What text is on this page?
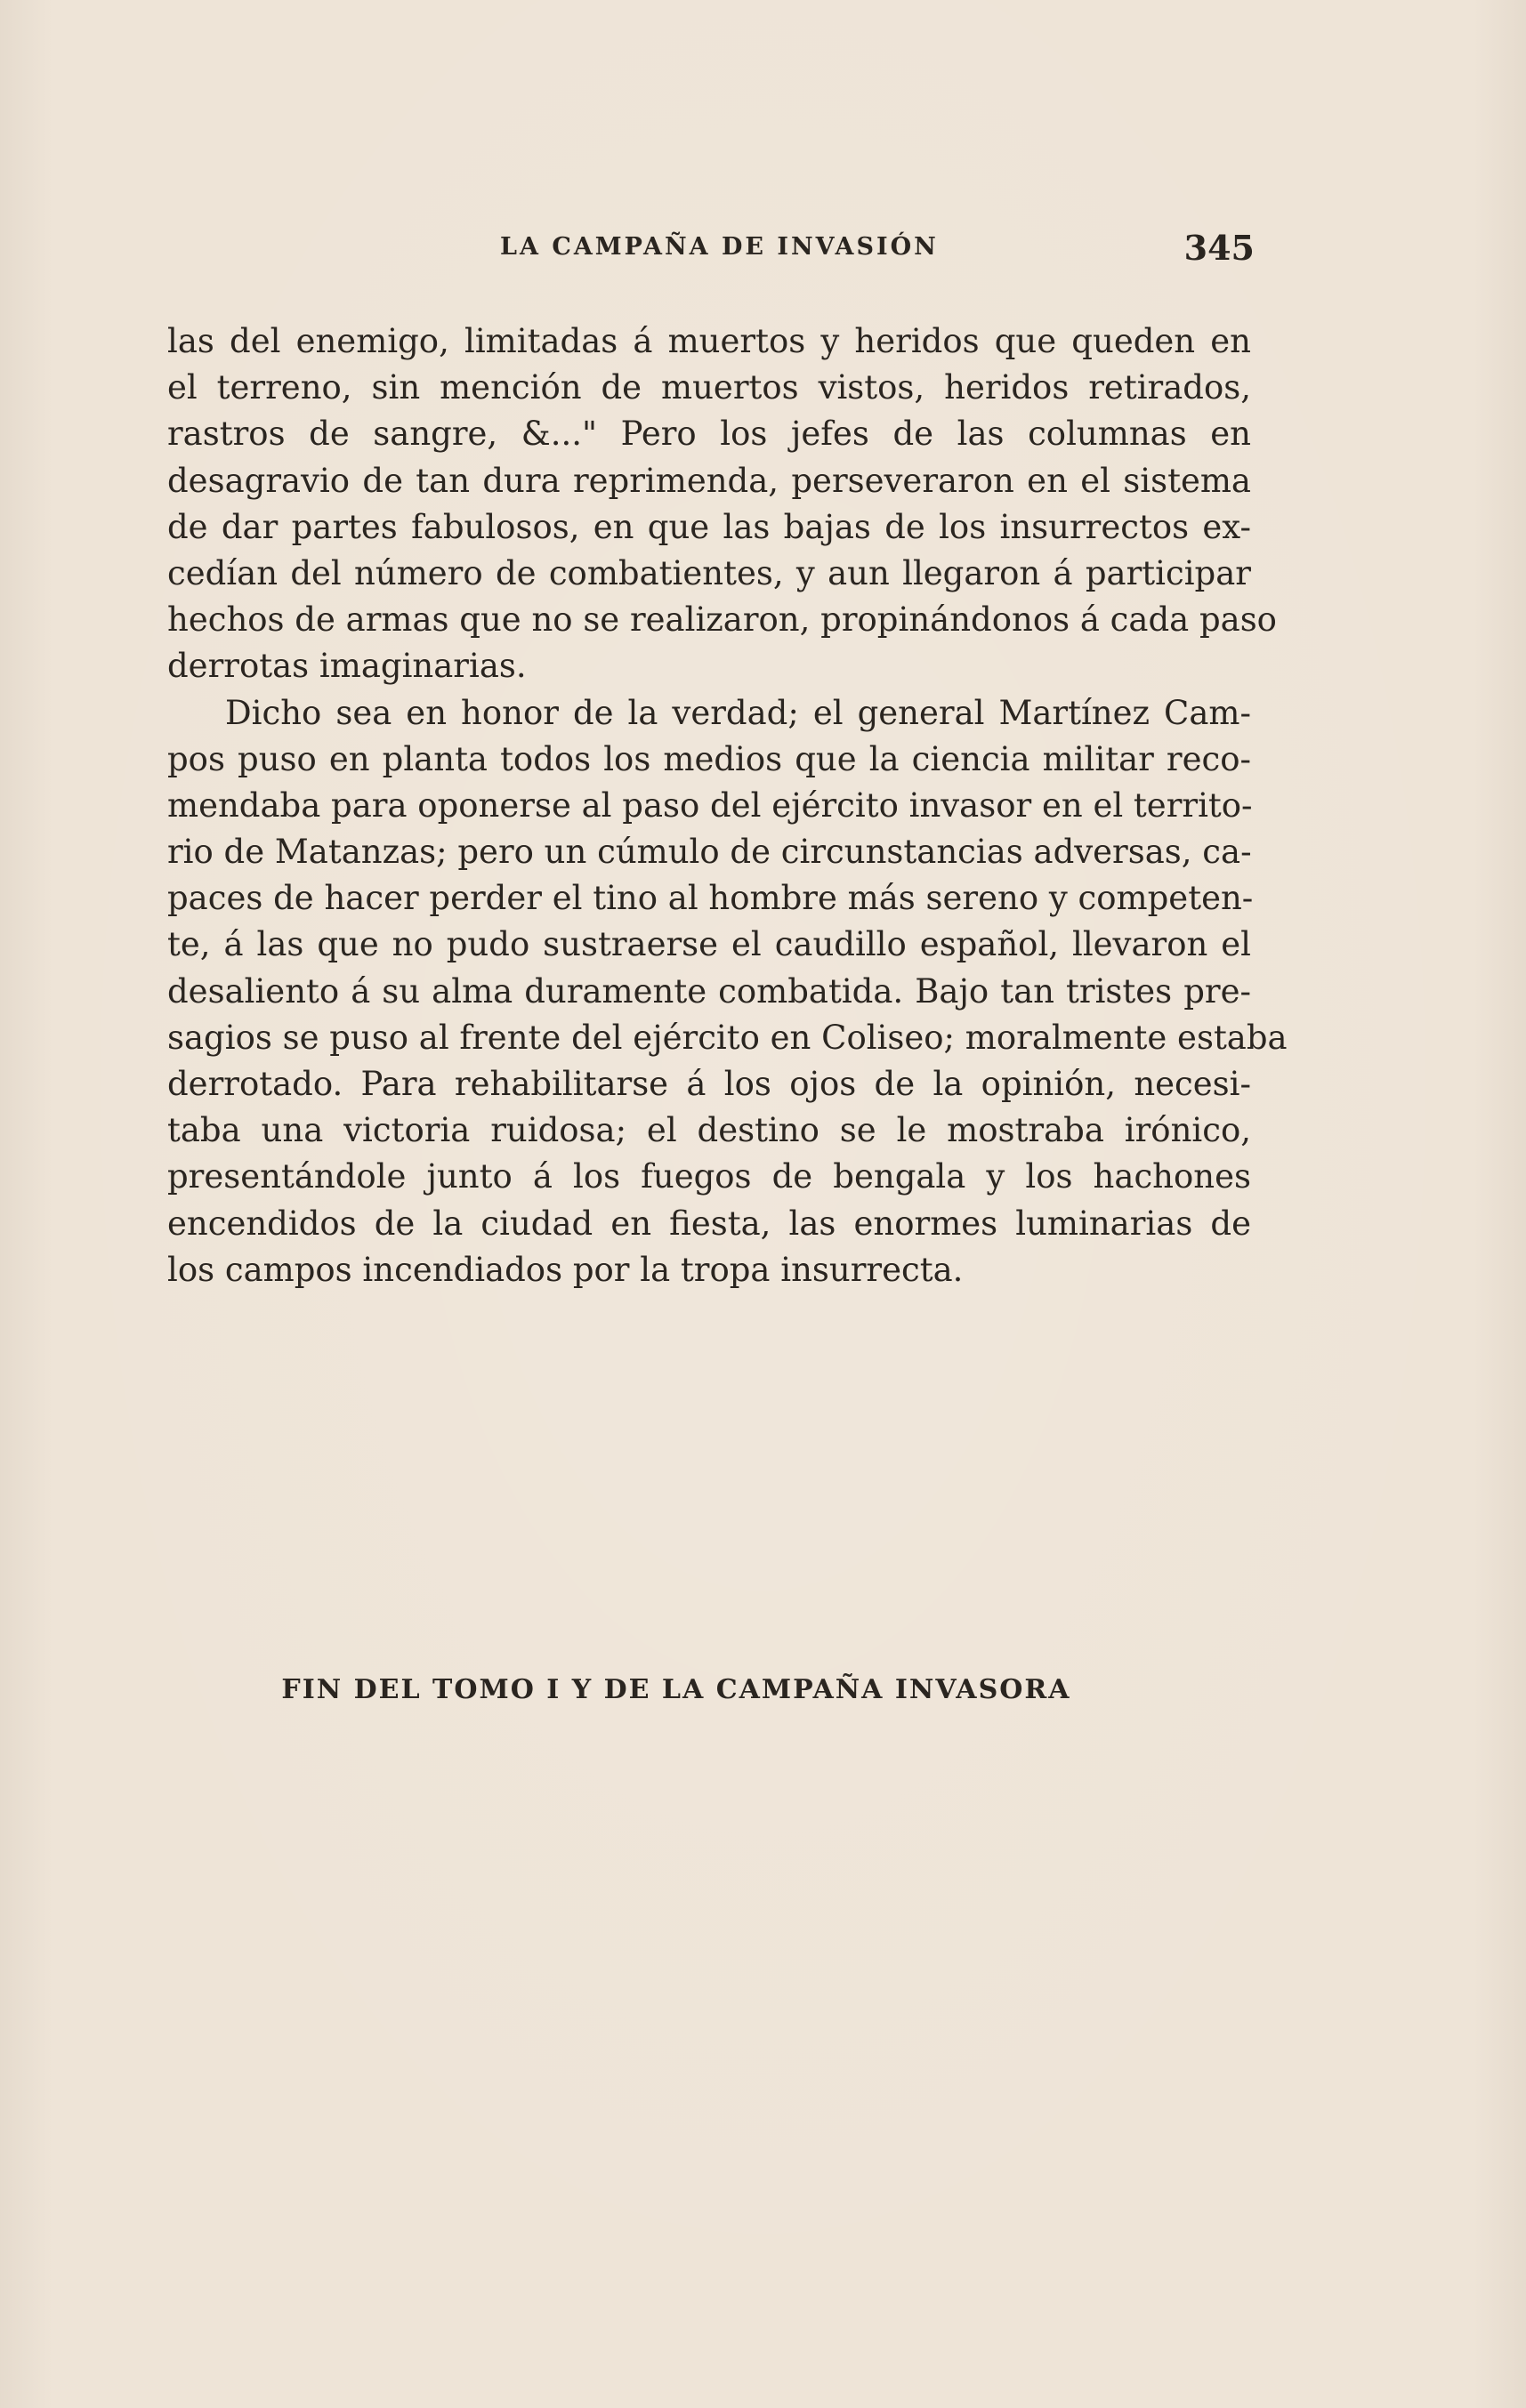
LA CAMPAÑA DE INVASIÓN	345
las del enemigo, limitadas á muertos y heridos que queden en
el terreno, sin mención de muertos vistos, heridos retirados,
rastros de sangre, &..." Pero los jefes de las columnas en
desagravio de tan dura reprimenda, perseveraron en el sistema
de dar partes fabulosos, en que las bajas de los insurrectos ex-
cedían del número de combatientes, y aun llegaron á participar
hechos de armas que no se realizaron, propinándonos á cada paso
derrotas imaginarias.
Dicho sea en honor de la verdad; el general Martínez Cam-
pos puso en planta todos los medios que la ciencia militar reco-
mendaba para oponerse al paso del ejército invasor en el territo-
rio de Matanzas; pero un cúmulo de circunstancias adversas, ca-
paces de hacer perder el tino al hombre más sereno y competen-
te, á las que no pudo sustraerse el caudillo español, llevaron el
desaliento á su alma duramente combatida. Bajo tan tristes pre-
sagios se puso al frente del ejército en Coliseo; moralmente estaba
derrotado. Para rehabilitarse á los ojos de la opinión, necesi-
taba una victoria ruidosa; el destino se le mostraba irónico,
presentándole junto á los fuegos de bengala y los hachones
encendidos de la ciudad en fiesta, las enormes luminarias de
los campos incendiados por la tropa insurrecta.
FIN DEL TOMO I Y DE LA CAMPAÑA INVASORA
